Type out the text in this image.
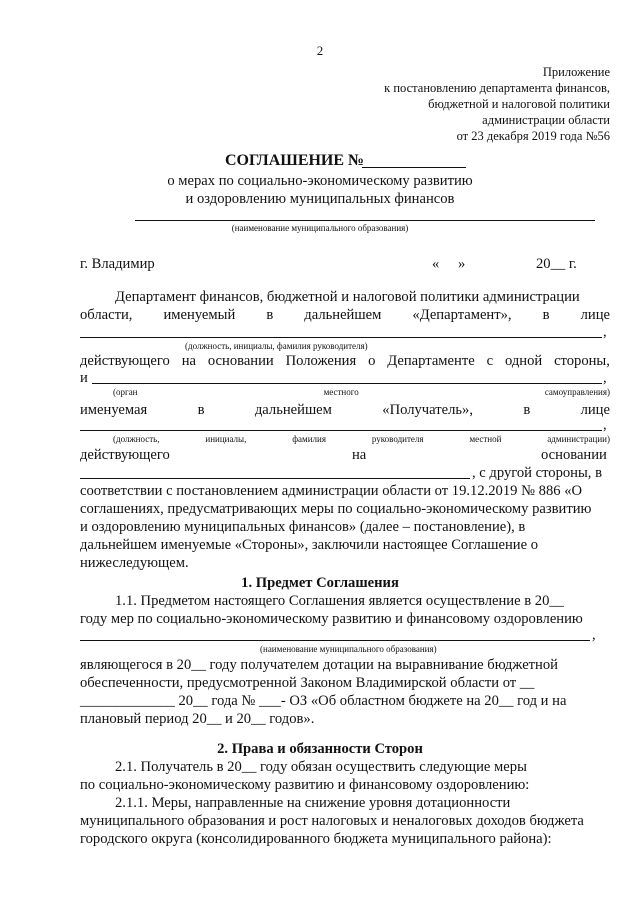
2
Приложение
к постановлению департамента финансов,
бюджетной и налоговой политики
администрации области
от 23 декабря 2019 года №56
СОГЛАШЕНИЕ №
о мерах по социально-экономическому развитию
и оздоровлению муниципальных финансов
(наименование муниципального образования)
г. Владимир	« »	20__ г.
Департамент финансов, бюджетной и налоговой политики администрации
области, именуемый в дальнейшем «Департамент», в лице
,
(должность, инициалы, фамилия руководителя)
действующего на основании Положения о Департаменте с одной стороны,
и	,
(орган	местного	самоуправления)
именуемая	в	дальнейшем	«Получатель»,	в	лице
,
(должность,	инициалы,	фамилия	руководителя	местной	администрации)
действующего	на	основании
, с другой стороны, в
соответствии с постановлением администрации области от 19.12.2019 № 886 «О
соглашениях, предусматривающих меры по социально-экономическому развитию
и оздоровлению муниципальных финансов» (далее – постановление), в
дальнейшем именуемые «Стороны», заключили настоящее Соглашение о
нижеследующем.
1. Предмет Соглашения
1.1. Предметом настоящего Соглашения является осуществление в 20__
году мер по социально-экономическому развитию и финансовому оздоровлению
,
(наименование муниципального образования)
являющегося в 20__ году получателем дотации на выравнивание бюджетной
обеспеченности, предусмотренной Законом Владимирской области от __
_____________ 20__ года № ___- ОЗ «Об областном бюджете на 20__ год и на
плановый период 20__ и 20__ годов».
2. Права и обязанности Сторон
2.1. Получатель в 20__ году обязан осуществить следующие меры
по социально-экономическому развитию и финансовому оздоровлению:
2.1.1. Меры, направленные на снижение уровня дотационности
муниципального образования и рост налоговых и неналоговых доходов бюджета
городского округа (консолидированного бюджета муниципального района):
